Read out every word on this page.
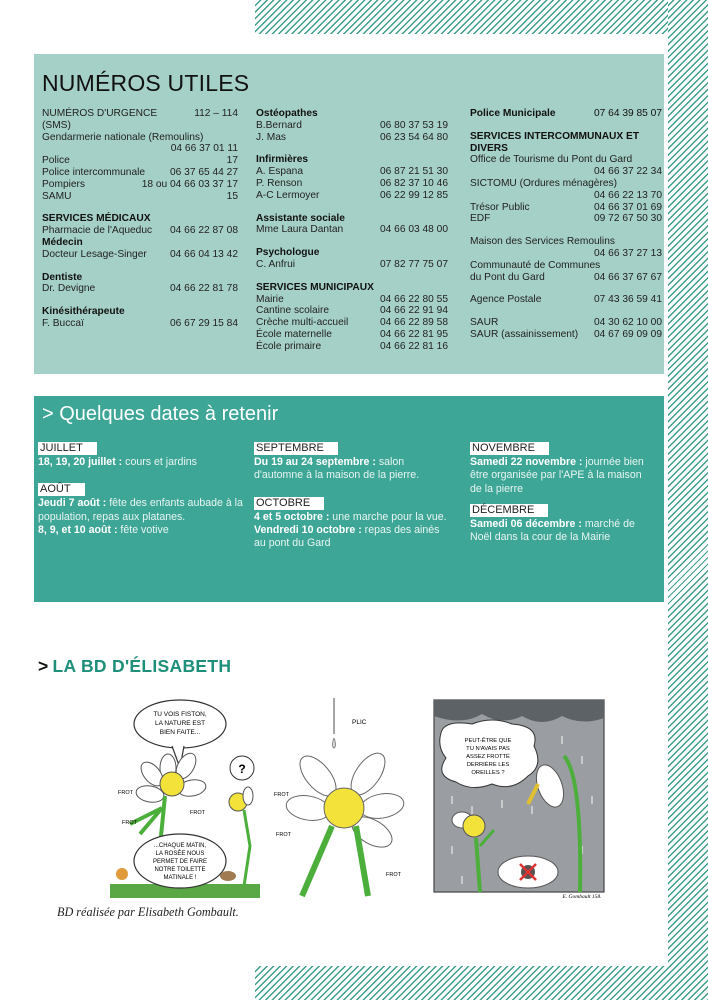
NUMÉROS UTILES
NUMÉROS D'URGENCE	112 – 114
(SMS)
Gendarmerie nationale (Remoulins)
04 66 37 01 11
Police	17
Police intercommunale 06 37 65 44 27
Pompiers	18 ou 04 66 03 37 17
SAMU	15
SERVICES MÉDICAUX
Pharmacie de l'Aqueduc 04 66 22 87 08
Médecin
Docteur Lesage-Singer 04 66 04 13 42
Dentiste
Dr. Devigne	04 66 22 81 78
Kinésithérapeute
F. Buccaï	06 67 29 15 84
Ostéopathes
B.Bernard	06 80 37 53 19
J. Mas	06 23 54 64 80
Infirmières
A. Espana	06 87 21 51 30
P. Renson	06 82 37 10 46
A-C Lermoyer	06 22 99 12 85
Assistante sociale
Mme Laura Dantan	04 66 03 48 00
Psychologue
C. Anfrui	07 82 77 75 07
SERVICES MUNICIPAUX
Mairie	04 66 22 80 55
Cantine scolaire	04 66 22 91 94
Crèche multi-accueil	04 66 22 89 58
École maternelle	04 66 22 81 95
École primaire	04 66 22 81 16
Police Municipale	07 64 39 85 07
SERVICES INTERCOMMUNAUX ET DIVERS
Office de Tourisme du Pont du Gard
04 66 37 22 34
SICTOMU (Ordures ménagères)
04 66 22 13 70
Trésor Public	04 66 37 01 69
EDF	09 72 67 50 30
Maison des Services Remoulins
04 66 37 27 13
Communauté de Communes
du Pont du Gard	04 66 37 67 67
Agence Postale	07 43 36 59 41
SAUR	04 30 62 10 00
SAUR (assainissement) 04 67 69 09 09
> Quelques dates à retenir
JUILLET
18, 19, 20 juillet : cours et jardins
AOÛT
Jeudi 7 août : fête des enfants aubade à la population, repas aux platanes.
8, 9, et 10 août : fête votive
SEPTEMBRE
Du 19 au 24 septembre : salon d'automne à la maison de la pierre.
OCTOBRE
4 et 5 octobre : une marche pour la vue.
Vendredi 10 octobre : repas des ainés au pont du Gard
NOVEMBRE
Samedi 22 novembre : journée bien être organisée par l'APE à la maison de la pierre
DÉCEMBRE
Samedi 06 décembre : marché de Noël dans la cour de la Mairie
> LA BD D'ÉLISABETH
TU VOIS FISTON,
LA NATURE EST
BIEN FAITE...
FROT
FROT
FROT
...CHAQUE MATIN,
LA ROSÉE NOUS
PERMET DE FAIRE
NOTRE TOILETTE
MATINALE !
?
PLIC
FROT
FROT
FROT
PEUT-ÊTRE QUE
TU N'AVAIS PAS
ASSEZ FROTTÉ
DERRIÈRE LES
OREILLES ?
E. Gombault 158.
BD réalisée par Elisabeth Gombault.
